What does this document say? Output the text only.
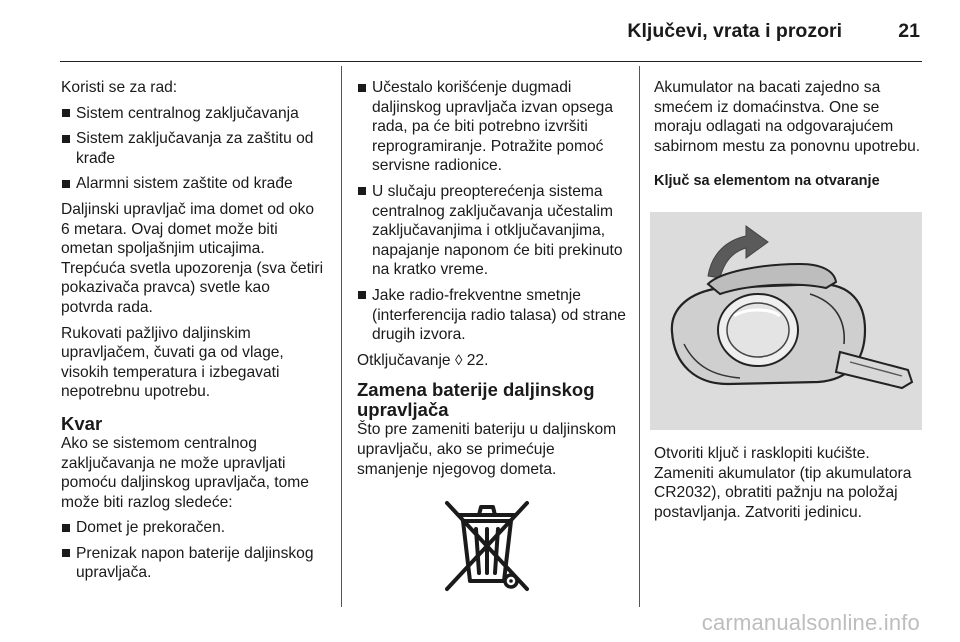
Ključevi, vrata i prozori	21

Koristi se za rad:

Sistem centralnog zaključavanja
Sistem zaključavanja za zaštitu od krađe
Alarmni sistem zaštite od krađe

Daljinski upravljač ima domet od oko 6 metara. Ovaj domet može biti ometan spoljašnjim uticajima. Trepćuća svetla upozorenja (sva četiri pokazivača pravca) svetle kao potvrda rada.

Rukovati pažljivo daljinskim upravljačem, čuvati ga od vlage, visokih temperatura i izbegavati nepotrebnu upotrebu.

Kvar

Ako se sistemom centralnog zaključavanja ne može upravljati pomoću daljinskog upravljača, tome može biti razlog sledeće:

Domet je prekoračen.
Prenizak napon baterije daljinskog upravljača.
Učestalo korišćenje dugmadi daljinskog upravljača izvan opsega rada, pa će biti potrebno izvršiti reprogramiranje. Potražite pomoć servisne radionice.
U slučaju preopterećenja sistema centralnog zaključavanja učestalim zaključavanjima i otključavanjima, napajanje naponom će biti prekinuto na kratko vreme.
Jake radio-frekventne smetnje (interferencija radio talasa) od strane drugih izvora.

Otključavanje ◊ 22.

Zamena baterije daljinskog upravljača

Što pre zameniti bateriju u daljinskom upravljaču, ako se primećuje smanjenje njegovog dometa.

Akumulator na bacati zajedno sa smećem iz domaćinstva. One se moraju odlagati na odgovarajućem sabirnom mestu za ponovnu upotrebu.

Ključ sa elementom na otvaranje

Otvoriti ključ i rasklopiti kućište. Zameniti akumulator (tip akumulatora CR2032), obratiti pažnju na položaj postavljanja. Zatvoriti jedinicu.

carmanualsonline.info
